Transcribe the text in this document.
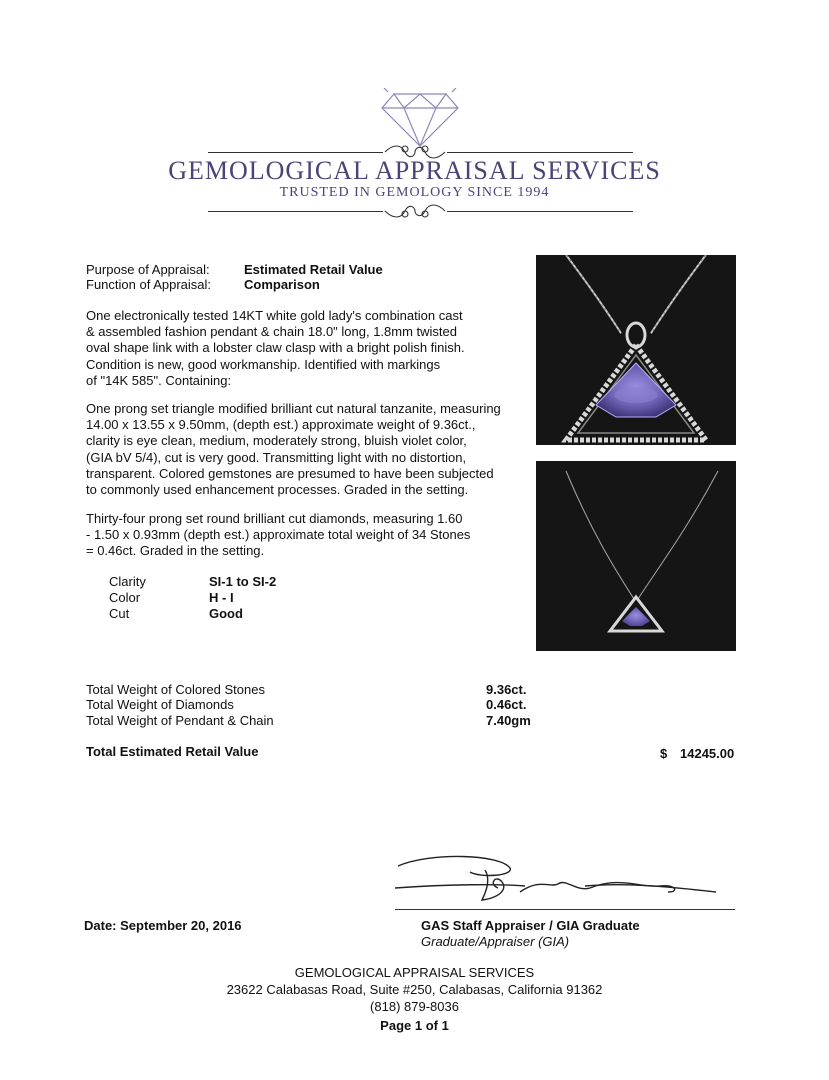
GEMOLOGICAL APPRAISAL SERVICES
TRUSTED IN GEMOLOGY SINCE 1994
Purpose of Appraisal:	Estimated Retail Value
Function of Appraisal:	Comparison
One electronically tested 14KT white gold lady's combination cast
& assembled fashion pendant & chain 18.0" long, 1.8mm twisted
oval shape link with a lobster claw clasp with a bright polish finish.
Condition is new, good workmanship. Identified with markings
of "14K 585". Containing:
One prong set triangle modified brilliant cut natural tanzanite, measuring
14.00 x 13.55 x 9.50mm, (depth est.) approximate weight of 9.36ct.,
clarity is eye clean, medium, moderately strong, bluish violet color,
(GIA bV 5/4), cut is very good. Transmitting light with no distortion,
transparent. Colored gemstones are presumed to have been subjected
to commonly used enhancement processes. Graded in the setting.
Thirty-four prong set round brilliant cut diamonds, measuring 1.60
- 1.50 x 0.93mm (depth est.) approximate total weight of 34 Stones
= 0.46ct. Graded in the setting.
Clarity	SI-1 to SI-2
Color	H - I
Cut	Good
Total Weight of Colored Stones	9.36ct.
Total Weight of Diamonds	0.46ct.
Total Weight of Pendant & Chain	7.40gm
Total Estimated Retail Value	$ 14245.00
Date: September 20, 2016	GAS Staff Appraiser / GIA Graduate
Graduate/Appraiser (GIA)
GEMOLOGICAL APPRAISAL SERVICES
23622 Calabasas Road, Suite #250, Calabasas, California 91362
(818) 879-8036
Page 1 of 1
